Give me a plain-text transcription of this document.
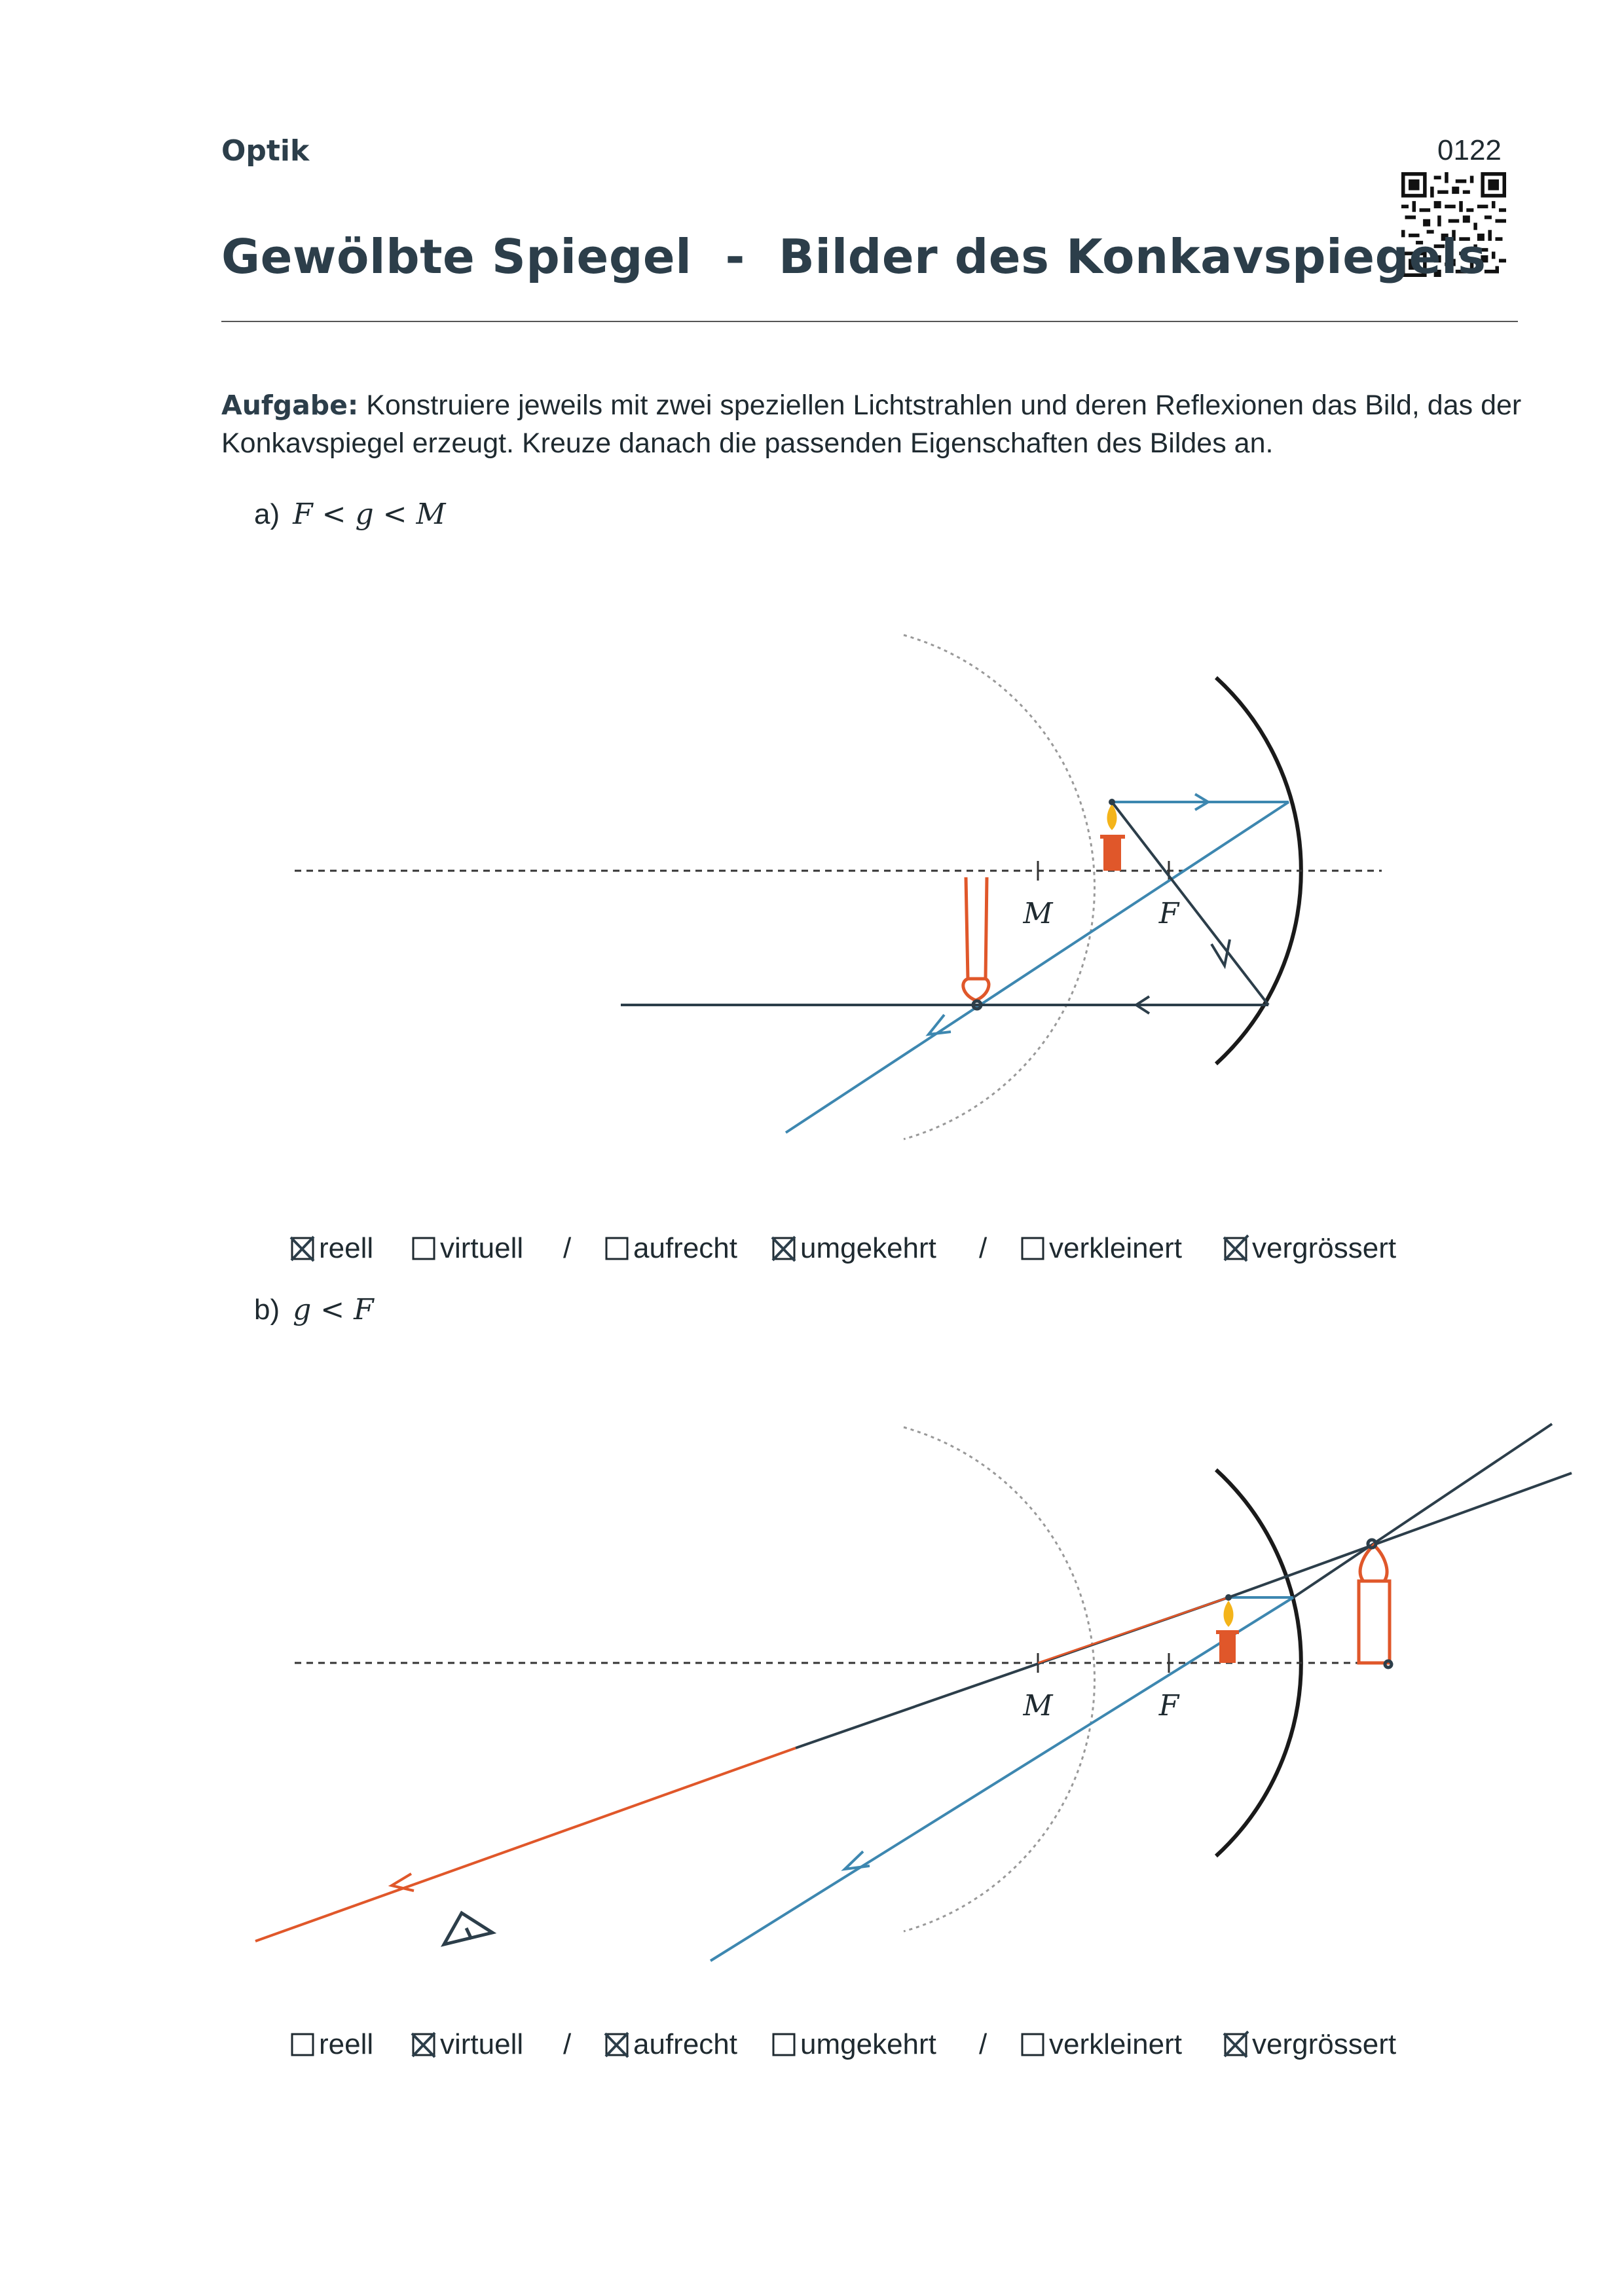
Optik	0122
Gewölbte Spiegel  -  Bilder des Konkavspiegels
Aufgabe: Konstruiere jeweils mit zwei speziellen Lichtstrahlen und deren Reflexionen das Bild, das der Konkavspiegel erzeugt. Kreuze danach die passenden Eigenschaften des Bildes an.
a) F < g < M
M	F
reell virtuell / aufrecht umgekehrt / verkleinert vergrössert
b) g < F
M	F
reell virtuell / aufrecht umgekehrt / verkleinert vergrössert
